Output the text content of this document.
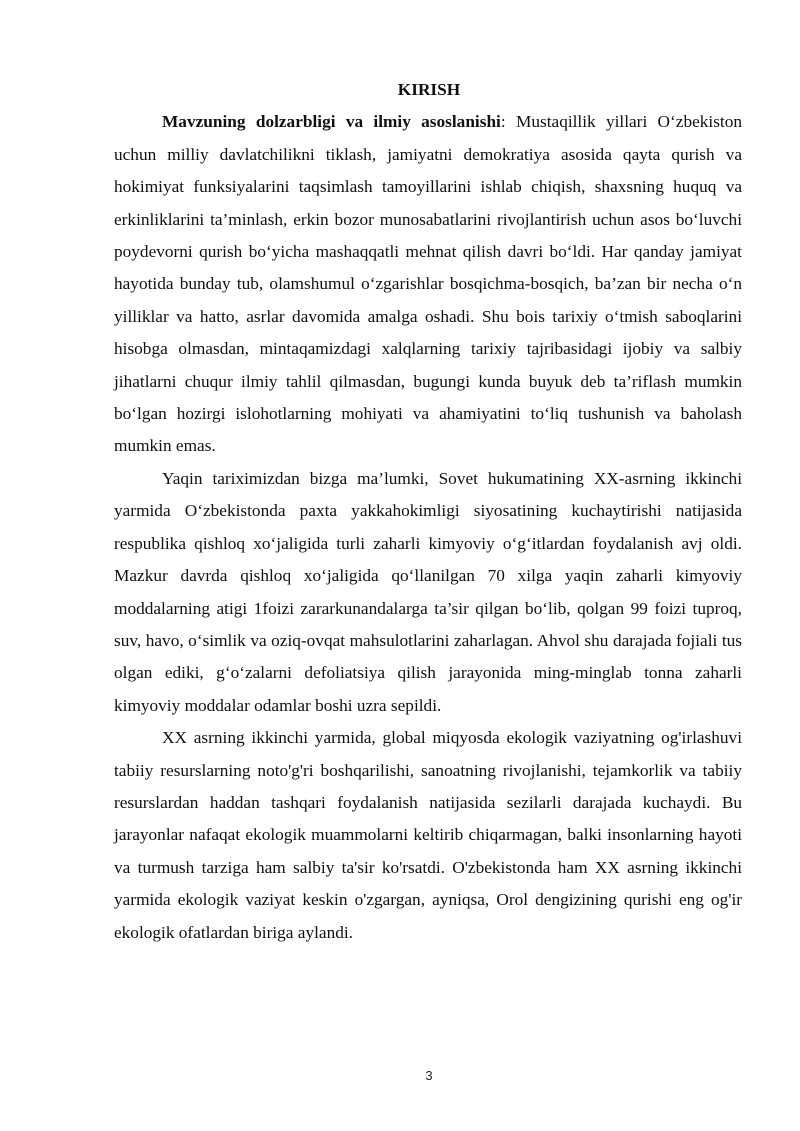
KIRISH

Mavzuning dolzarbligi va ilmiy asoslanishi: Mustaqillik yillari O‘zbekiston uchun milliy davlatchilikni tiklash, jamiyatni demokratiya asosida qayta qurish va hokimiyat funksiyalarini taqsimlash tamoyillarini ishlab chiqish, shaxsning huquq va erkinliklarini ta’minlash, erkin bozor munosabatlarini rivojlantirish uchun asos bo‘luvchi poydevorni qurish bo‘yicha mashaqqatli mehnat qilish davri bo‘ldi. Har qanday jamiyat hayotida bunday tub, olamshumul o‘zgarishlar bosqichma-bosqich, ba’zan bir necha o‘n yilliklar va hatto, asrlar davomida amalga oshadi. Shu bois tarixiy o‘tmish saboqlarini hisobga olmasdan, mintaqamizdagi xalqlarning tarixiy tajribasidagi ijobiy va salbiy jihatlarni chuqur ilmiy tahlil qilmasdan, bugungi kunda buyuk deb ta’riflash mumkin bo‘lgan hozirgi islohotlarning mohiyati va ahamiyatini to‘liq tushunish va baholash mumkin emas.

Yaqin tariximizdan bizga ma’lumki, Sovet hukumatining XX-asrning ikkinchi yarmida O‘zbekistonda paxta yakkahokimligi siyosatining kuchaytirishi natijasida respublika qishloq xo‘jaligida turli zaharli kimyoviy o‘g‘itlardan foydalanish avj oldi. Mazkur davrda qishloq xo‘jaligida qo‘llanilgan 70 xilga yaqin zaharli kimyoviy moddalarning atigi 1foizi zararkunandalarga ta’sir qilgan bo‘lib, qolgan 99 foizi tuproq, suv, havo, o‘simlik va oziq-ovqat mahsulotlarini zaharlagan. Ahvol shu darajada fojiali tus olgan ediki, g‘o‘zalarni defoliatsiya qilish jarayonida ming-minglab tonna zaharli kimyoviy moddalar odamlar boshi uzra sepildi.

XX asrning ikkinchi yarmida, global miqyosda ekologik vaziyatning og'irlashuvi tabiiy resurslarning noto'g'ri boshqarilishi, sanoatning rivojlanishi, tejamkorlik va tabiiy resurslardan haddan tashqari foydalanish natijasida sezilarli darajada kuchaydi. Bu jarayonlar nafaqat ekologik muammolarni keltirib chiqarmagan, balki insonlarning hayoti va turmush tarziga ham salbiy ta'sir ko'rsatdi. O'zbekistonda ham XX asrning ikkinchi yarmida ekologik vaziyat keskin o'zgargan, ayniqsa, Orol dengizining qurishi eng og'ir ekologik ofatlardan biriga aylandi.

3
